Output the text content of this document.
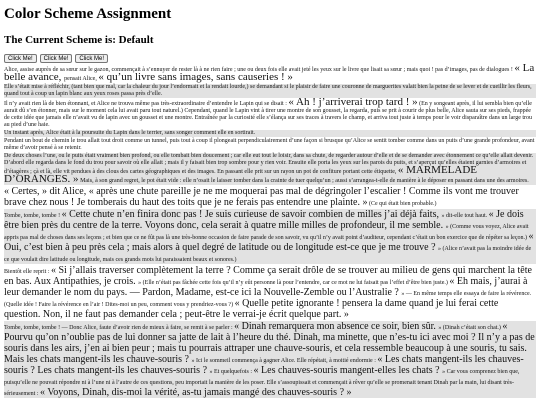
Color Scheme Assignment
The Current Scheme is: Default
Click Me!	Click Me!	Click Me!

Alice, assise auprès de sa sœur sur le gazon, commençait à s’ennuyer de rester là à ne rien faire ; une ou deux fois elle avait jeté les yeux sur le livre que lisait sa sœur ; mais quoi ! pas d’images, pas de dialogues ! « La belle avance, pensait Alice, « qu’un livre sans images, sans causeries ! »

Elle s’était mise à réfléchir, (tant bien que mal, car la chaleur du jour l’endormait et la rendait lourde,) se demandant si le plaisir de faire une couronne de marguerites valait bien la peine de se lever et de cueillir les fleurs, quand tout à coup un lapin blanc aux yeux roses passa près d’elle.

Il n’y avait rien là de bien étonnant, et Alice ne trouva même pas très-extraordinaire d’entendre le Lapin qui se disait : « Ah ! j’arriverai trop tard ! » (En y songeant après, il lui sembla bien qu’elle aurait dû s’en étonner, mais sur le moment cela lui avait paru tout naturel.) Cependant, quand le Lapin vint à tirer une montre de son gousset, la regarda, puis se prit à courir de plus belle, Alice sauta sur ses pieds, frappée de cette idée que jamais elle n’avait vu de lapin avec un gousset et une montre. Entraînée par la curiosité elle s’élança sur ses traces à travers le champ, et arriva tout juste à temps pour le voir disparaître dans un large trou au pied d’une haie.

Un instant après, Alice était à la poursuite du Lapin dans le terrier, sans songer comment elle en sortirait.

Pendant un bout de chemin le trou allait tout droit comme un tunnel, puis tout à coup il plongeait perpendiculairement d’une façon si brusque qu’Alice se sentit tomber comme dans un puits d’une grande profondeur, avant même d’avoir pensé à se retenir.

De deux choses l’une, ou le puits était vraiment bien profond, ou elle tombait bien doucement ; car elle eut tout le loisir, dans sa chute, de regarder autour d’elle et de se demander avec étonnement ce qu’elle allait devenir. D’abord elle regarda dans le fond du trou pour savoir où elle allait ; mais il y faisait bien trop sombre pour y rien voir. Ensuite elle porta les yeux sur les parois du puits, et s’aperçut qu’elles étaient garnies d’armoires et d’étagères ; çà et là, elle vit pendues à des clous des cartes géographiques et des images. En passant elle prit sur un rayon un pot de confiture portant cette étiquette, « MARMELADE D’ORANGES. » Mais, à son grand regret, le pot était vide : elle n’osait le laisser tomber dans la crainte de tuer quelqu’un ; aussi s’arrangea-t-elle de manière à le déposer en passant dans une des armoires.

« Certes, » dit Alice, « après une chute pareille je ne me moquerai pas mal de dégringoler l’escalier ! Comme ils vont me trouver brave chez nous ! Je tomberais du haut des toits que je ne ferais pas entendre une plainte. » (Ce qui était bien probable.)

Tombe, tombe, tombe ! « Cette chute n’en finira donc pas ! Je suis curieuse de savoir combien de milles j’ai déjà faits, » dit-elle tout haut. « Je dois être bien près du centre de la terre. Voyons donc, cela serait à quatre mille milles de profondeur, il me semble. » (Comme vous voyez, Alice avait appris pas mal de choses dans ses leçons ; et bien que ce ne fût pas là une très-bonne occasion de faire parade de son savoir, vu qu’il n’y avait point d’auditeur, cependant c’était un bon exercice que de répéter sa leçon.) « Oui, c’est bien à peu près cela ; mais alors à quel degré de latitude ou de longitude est-ce que je me trouve ? » (Alice n’avait pas la moindre idée de ce que voulait dire latitude ou longitude, mais ces grands mots lui paraissaient beaux et sonores.)

Bientôt elle reprit : « Si j’allais traverser complètement la terre ? Comme ça serait drôle de se trouver au milieu de gens qui marchent la tête en bas. Aux Antipathies, je crois. » (Elle n’était pas fâchée cette fois qu’il n’y eût personne là pour l’entendre, car ce mot ne lui faisait pas l’effet d’être bien juste.) « Eh mais, j’aurai à leur demander le nom du pays. — Pardon, Madame, est-ce ici la Nouvelle-Zemble ou l’Australie ? » — En même temps elle essaya de faire la révérence. (Quelle idée ! Faire la révérence en l’air ! Dites-moi un peu, comment vous y prendriez-vous ?) « Quelle petite ignorante ! pensera la dame quand je lui ferai cette question. Non, il ne faut pas demander cela ; peut-être le verrai-je écrit quelque part. »

Tombe, tombe, tombe ! — Donc Alice, faute d’avoir rien de mieux à faire, se remit à se parler : « Dinah remarquera mon absence ce soir, bien sûr. » (Dinah c’était son chat.) « Pourvu qu’on n’oublie pas de lui donner sa jatte de lait à l’heure du thé. Dinah, ma minette, que n’es-tu ici avec moi ? Il n’y a pas de souris dans les airs, j’en ai bien peur ; mais tu pourrais attraper une chauve-souris, et cela ressemble beaucoup à une souris, tu sais. Mais les chats mangent-ils les chauve-souris ? » Ici le sommeil commença à gagner Alice. Elle répétait, à moitié endormie : « Les chats mangent-ils les chauves-souris ? Les chats mangent-ils les chauves-souris ? » Et quelquefois : « Les chauves-souris mangent-elles les chats ? » Car vous comprenez bien que, puisqu’elle ne pouvait répondre ni à l’une ni à l’autre de ces questions, peu importait la manière de les poser. Elle s’assoupissait et commençait à rêver qu’elle se promenait tenant Dinah par la main, lui disant très-sérieusement : « Voyons, Dinah, dis-moi la vérité, as-tu jamais mangé des chauves-souris ? »
